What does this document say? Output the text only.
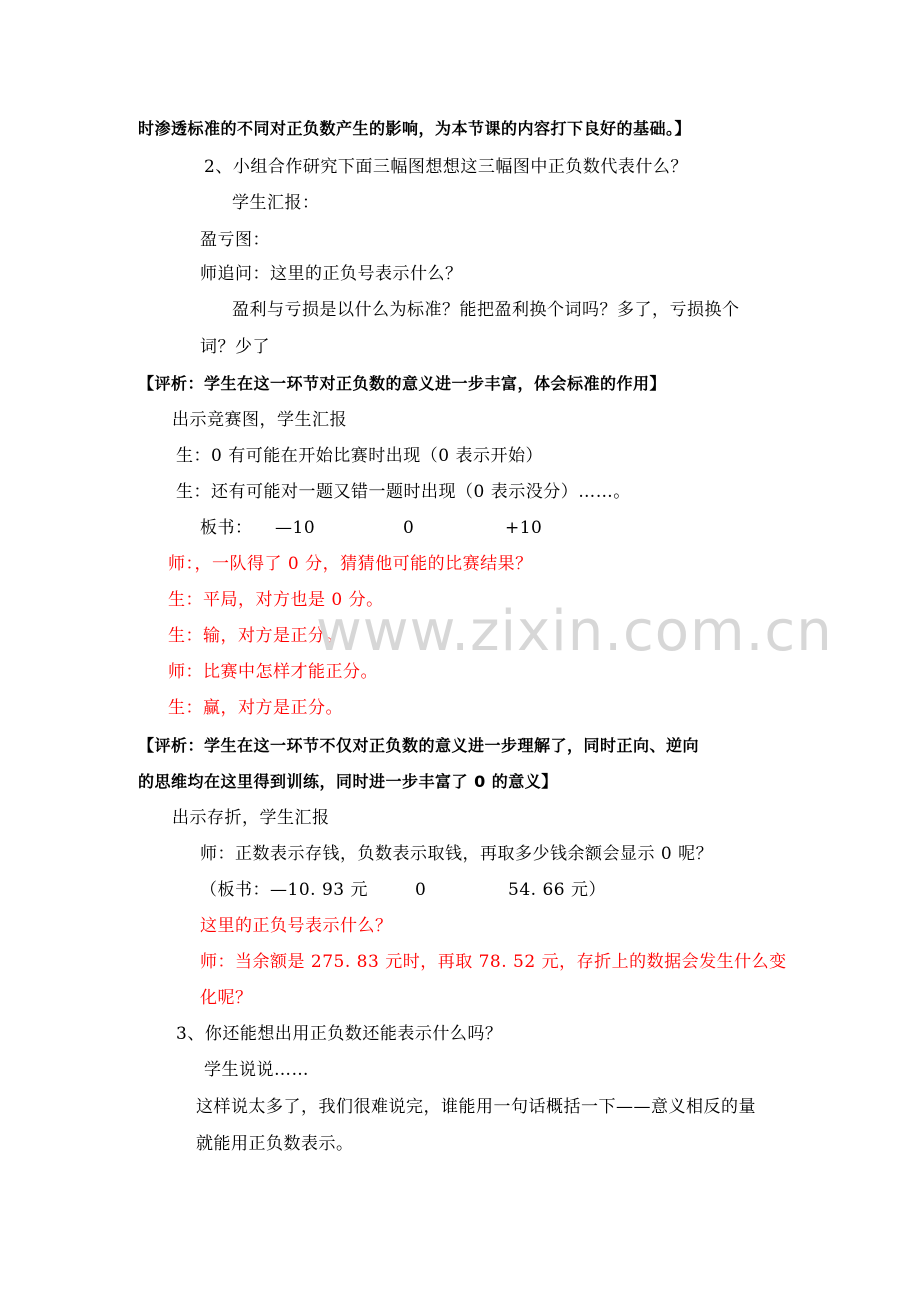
时渗透标准的不同对正负数产生的影响，为本节课的内容打下良好的基础。】
2、小组合作研究下面三幅图想想这三幅图中正负数代表什么？
学生汇报：
盈亏图：
师追问：这里的正负号表示什么？
盈利与亏损是以什么为标准？能把盈利换个词吗？多了，亏损换个
词？少了
【评析：学生在这一环节对正负数的意义进一步丰富，体会标准的作用】
出示竞赛图，学生汇报
生：0 有可能在开始比赛时出现（0 表示开始）
生：还有可能对一题又错一题时出现（0 表示没分）……。
板书： —10	0	+10
师：，一队得了 0 分，猜猜他可能的比赛结果？
生：平局，对方也是 0 分。
生：输，对方是正分。
师：比赛中怎样才能正分。
生：赢，对方是正分。
【评析：学生在这一环节不仅对正负数的意义进一步理解了，同时正向、逆向
的思维均在这里得到训练，同时进一步丰富了 0 的意义】
出示存折，学生汇报
师：正数表示存钱，负数表示取钱，再取多少钱余额会显示 0 呢？
（板书：—10. 93 元	0	54. 66 元）
这里的正负号表示什么？
师：当余额是 275. 83 元时，再取 78. 52 元，存折上的数据会发生什么变
化呢？
3、你还能想出用正负数还能表示什么吗？
学生说说……
这样说太多了，我们很难说完，谁能用一句话概括一下——意义相反的量
就能用正负数表示。
www.zixin.com.cn
